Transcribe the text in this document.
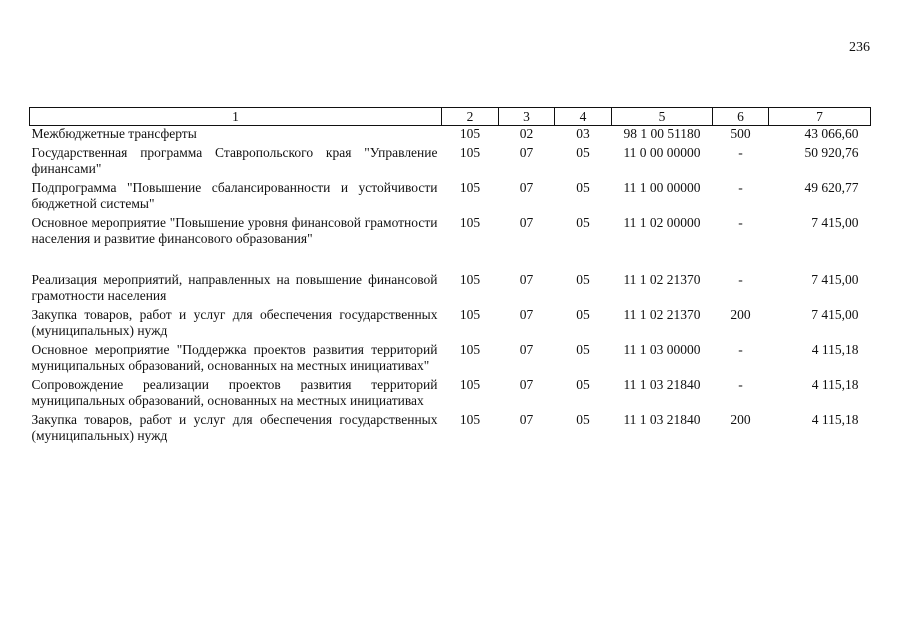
236
1	2	3	4	5	6	7
Межбюджетные трансферты	105	02	03	98 1 00 51180	500	43 066,60
Государственная программа Ставропольского края "Управление финансами"	105	07	05	11 0 00 00000	-	50 920,76
Подпрограмма "Повышение сбалансированности и устойчивости бюджетной системы"	105	07	05	11 1 00 00000	-	49 620,77
Основное мероприятие "Повышение уровня финансовой грамотности населения и развитие финансового образования"	105	07	05	11 1 02 00000	-	7 415,00
Реализация мероприятий, направленных на повышение финансовой грамотности населения	105	07	05	11 1 02 21370	-	7 415,00
Закупка товаров, работ и услуг для обеспечения государственных (муниципальных) нужд	105	07	05	11 1 02 21370	200	7 415,00
Основное мероприятие "Поддержка проектов развития территорий муниципальных образований, основанных на местных инициативах"	105	07	05	11 1 03 00000	-	4 115,18
Сопровождение реализации проектов развития территорий муниципальных образований, основанных на местных инициативах	105	07	05	11 1 03 21840	-	4 115,18
Закупка товаров, работ и услуг для обеспечения государственных (муниципальных) нужд	105	07	05	11 1 03 21840	200	4 115,18
